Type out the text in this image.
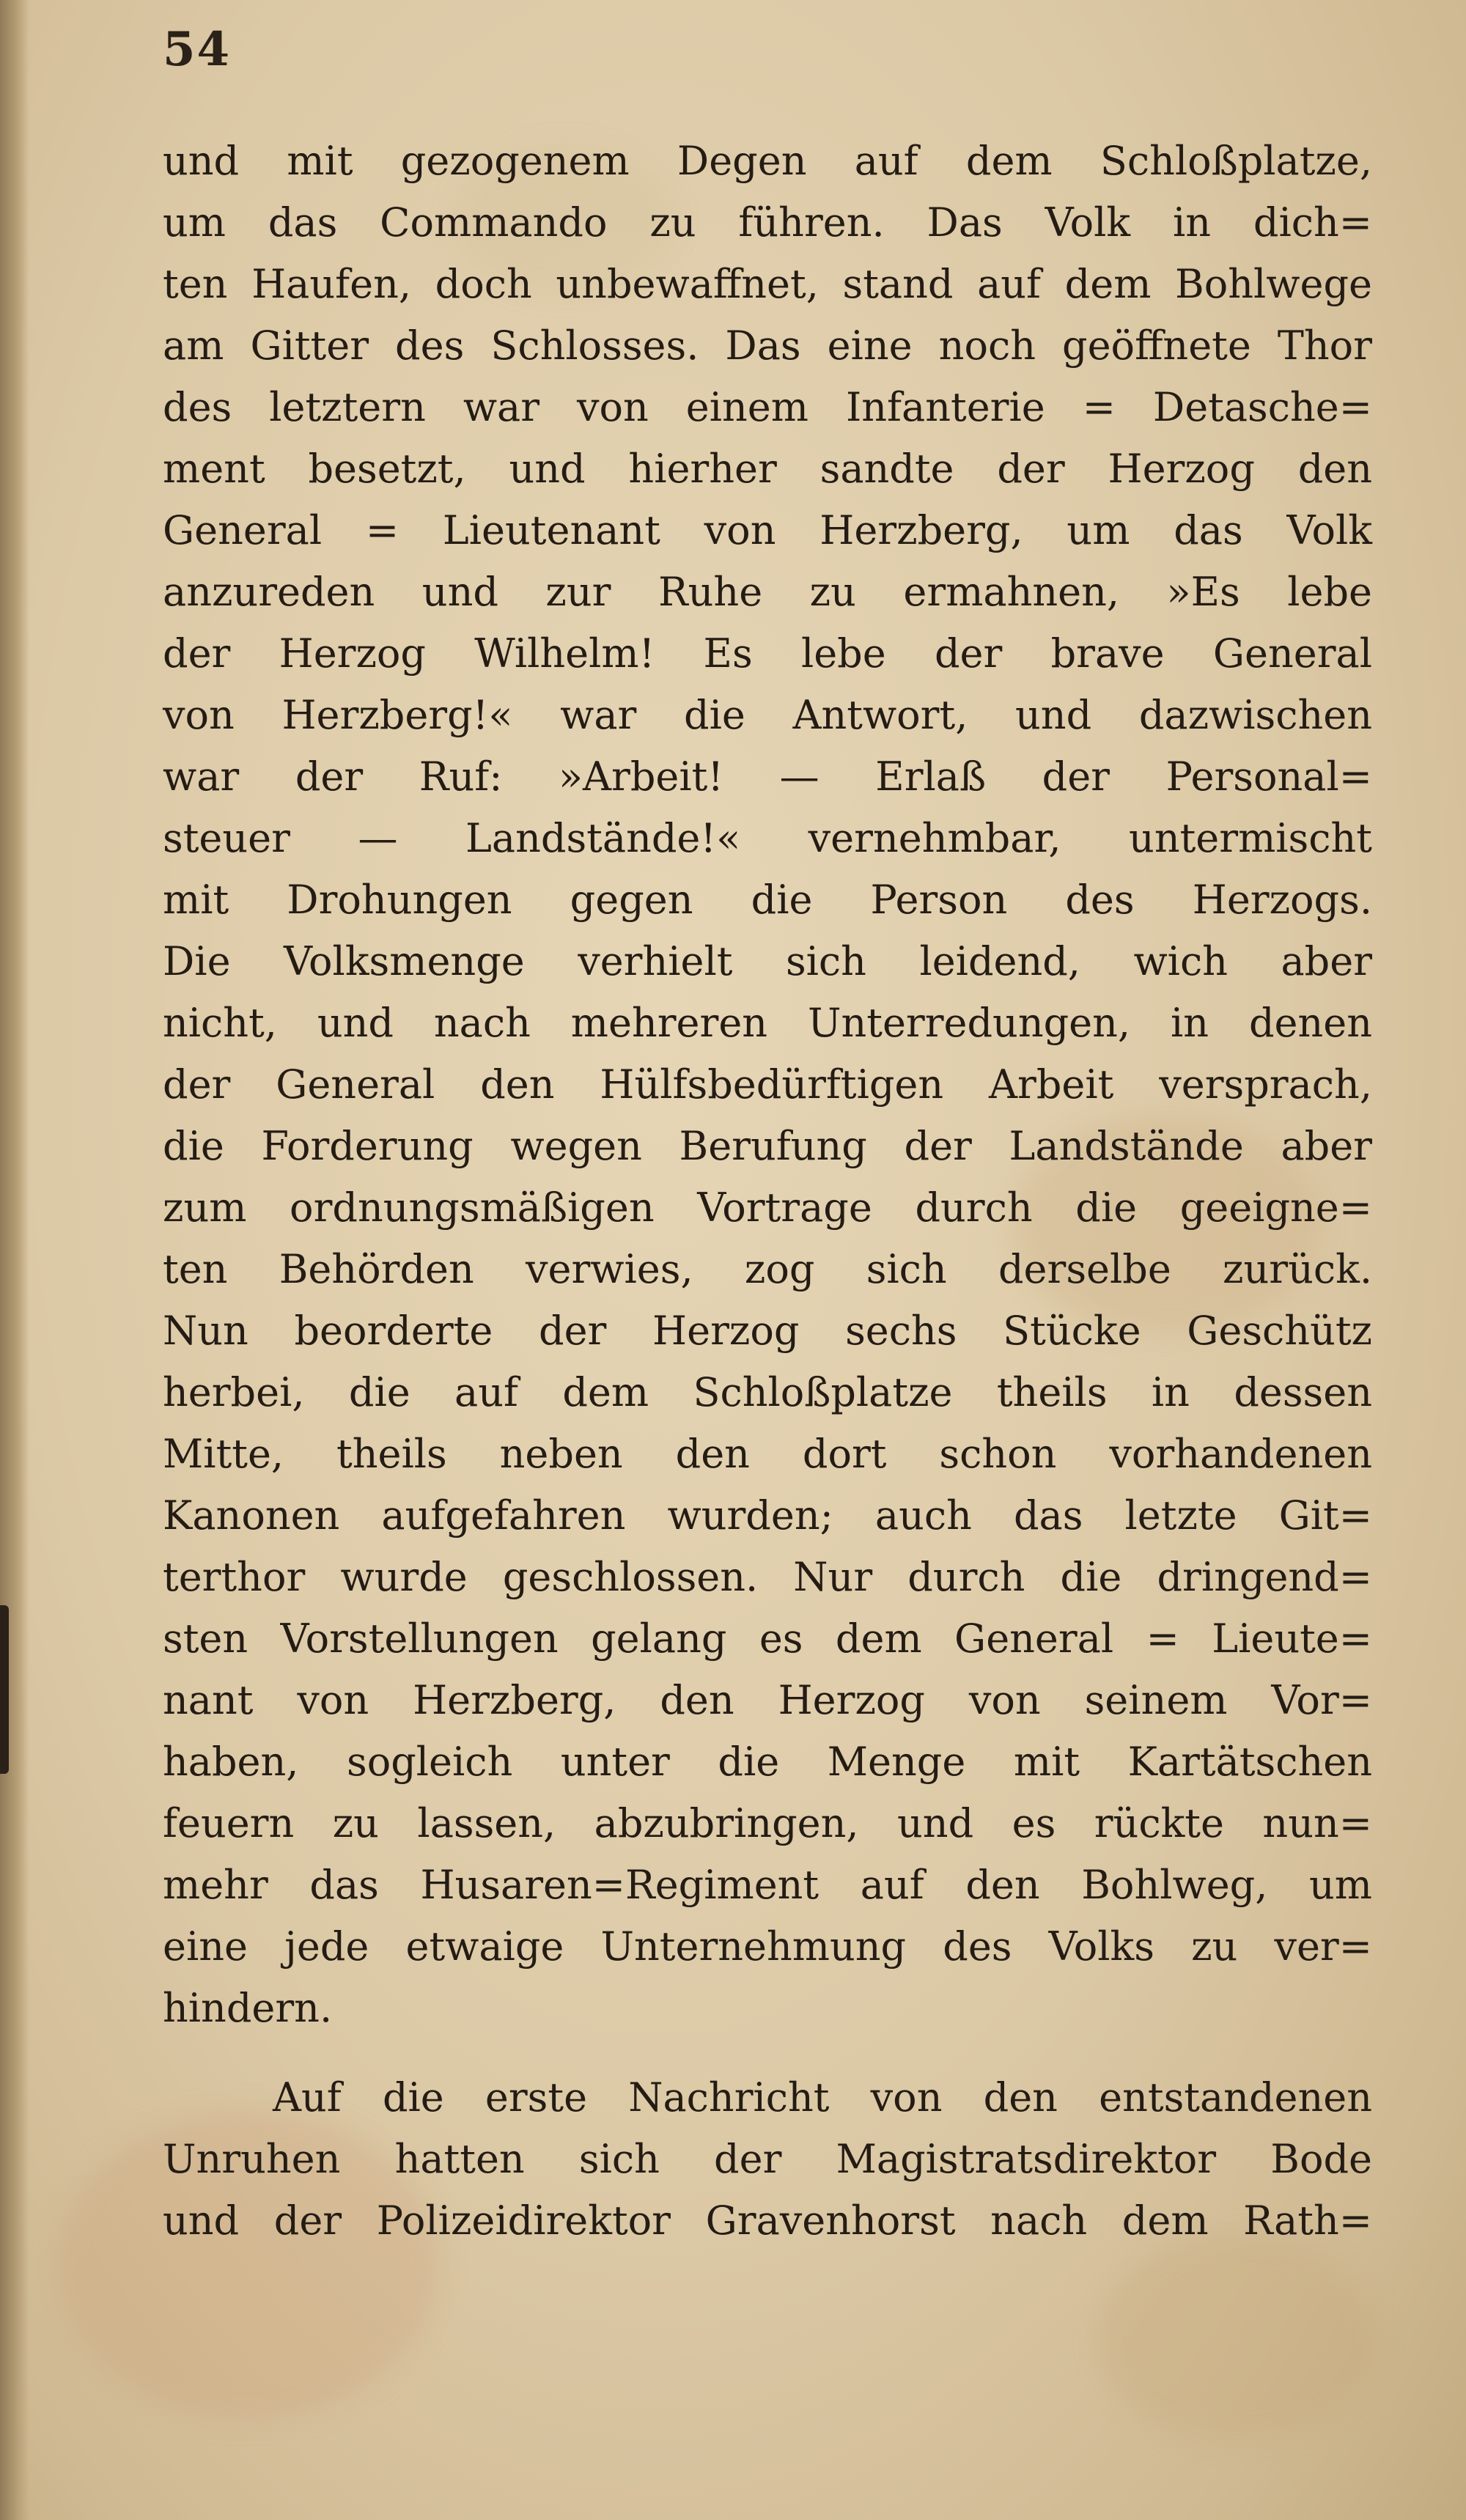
54
und mit gezogenem Degen auf dem Schloßplatze,
um das Commando zu führen. Das Volk in dich=
ten Haufen, doch unbewaffnet, stand auf dem Bohlwege
am Gitter des Schlosses. Das eine noch geöffnete Thor
des letztern war von einem Infanterie = Detasche=
ment besetzt, und hierher sandte der Herzog den
General = Lieutenant von Herzberg, um das Volk
anzureden und zur Ruhe zu ermahnen, »Es lebe
der Herzog Wilhelm! Es lebe der brave General
von Herzberg!« war die Antwort, und dazwischen
war der Ruf: »Arbeit! — Erlaß der Personal=
steuer — Landstände!« vernehmbar, untermischt
mit Drohungen gegen die Person des Herzogs.
Die Volksmenge verhielt sich leidend, wich aber
nicht, und nach mehreren Unterredungen, in denen
der General den Hülfsbedürftigen Arbeit versprach,
die Forderung wegen Berufung der Landstände aber
zum ordnungsmäßigen Vortrage durch die geeigne=
ten Behörden verwies, zog sich derselbe zurück.
Nun beorderte der Herzog sechs Stücke Geschütz
herbei, die auf dem Schloßplatze theils in dessen
Mitte, theils neben den dort schon vorhandenen
Kanonen aufgefahren wurden; auch das letzte Git=
terthor wurde geschlossen. Nur durch die dringend=
sten Vorstellungen gelang es dem General = Lieute=
nant von Herzberg, den Herzog von seinem Vor=
haben, sogleich unter die Menge mit Kartätschen
feuern zu lassen, abzubringen, und es rückte nun=
mehr das Husaren=Regiment auf den Bohlweg, um
eine jede etwaige Unternehmung des Volks zu ver=
hindern.
Auf die erste Nachricht von den entstandenen
Unruhen hatten sich der Magistratsdirektor Bode
und der Polizeidirektor Gravenhorst nach dem Rath=
